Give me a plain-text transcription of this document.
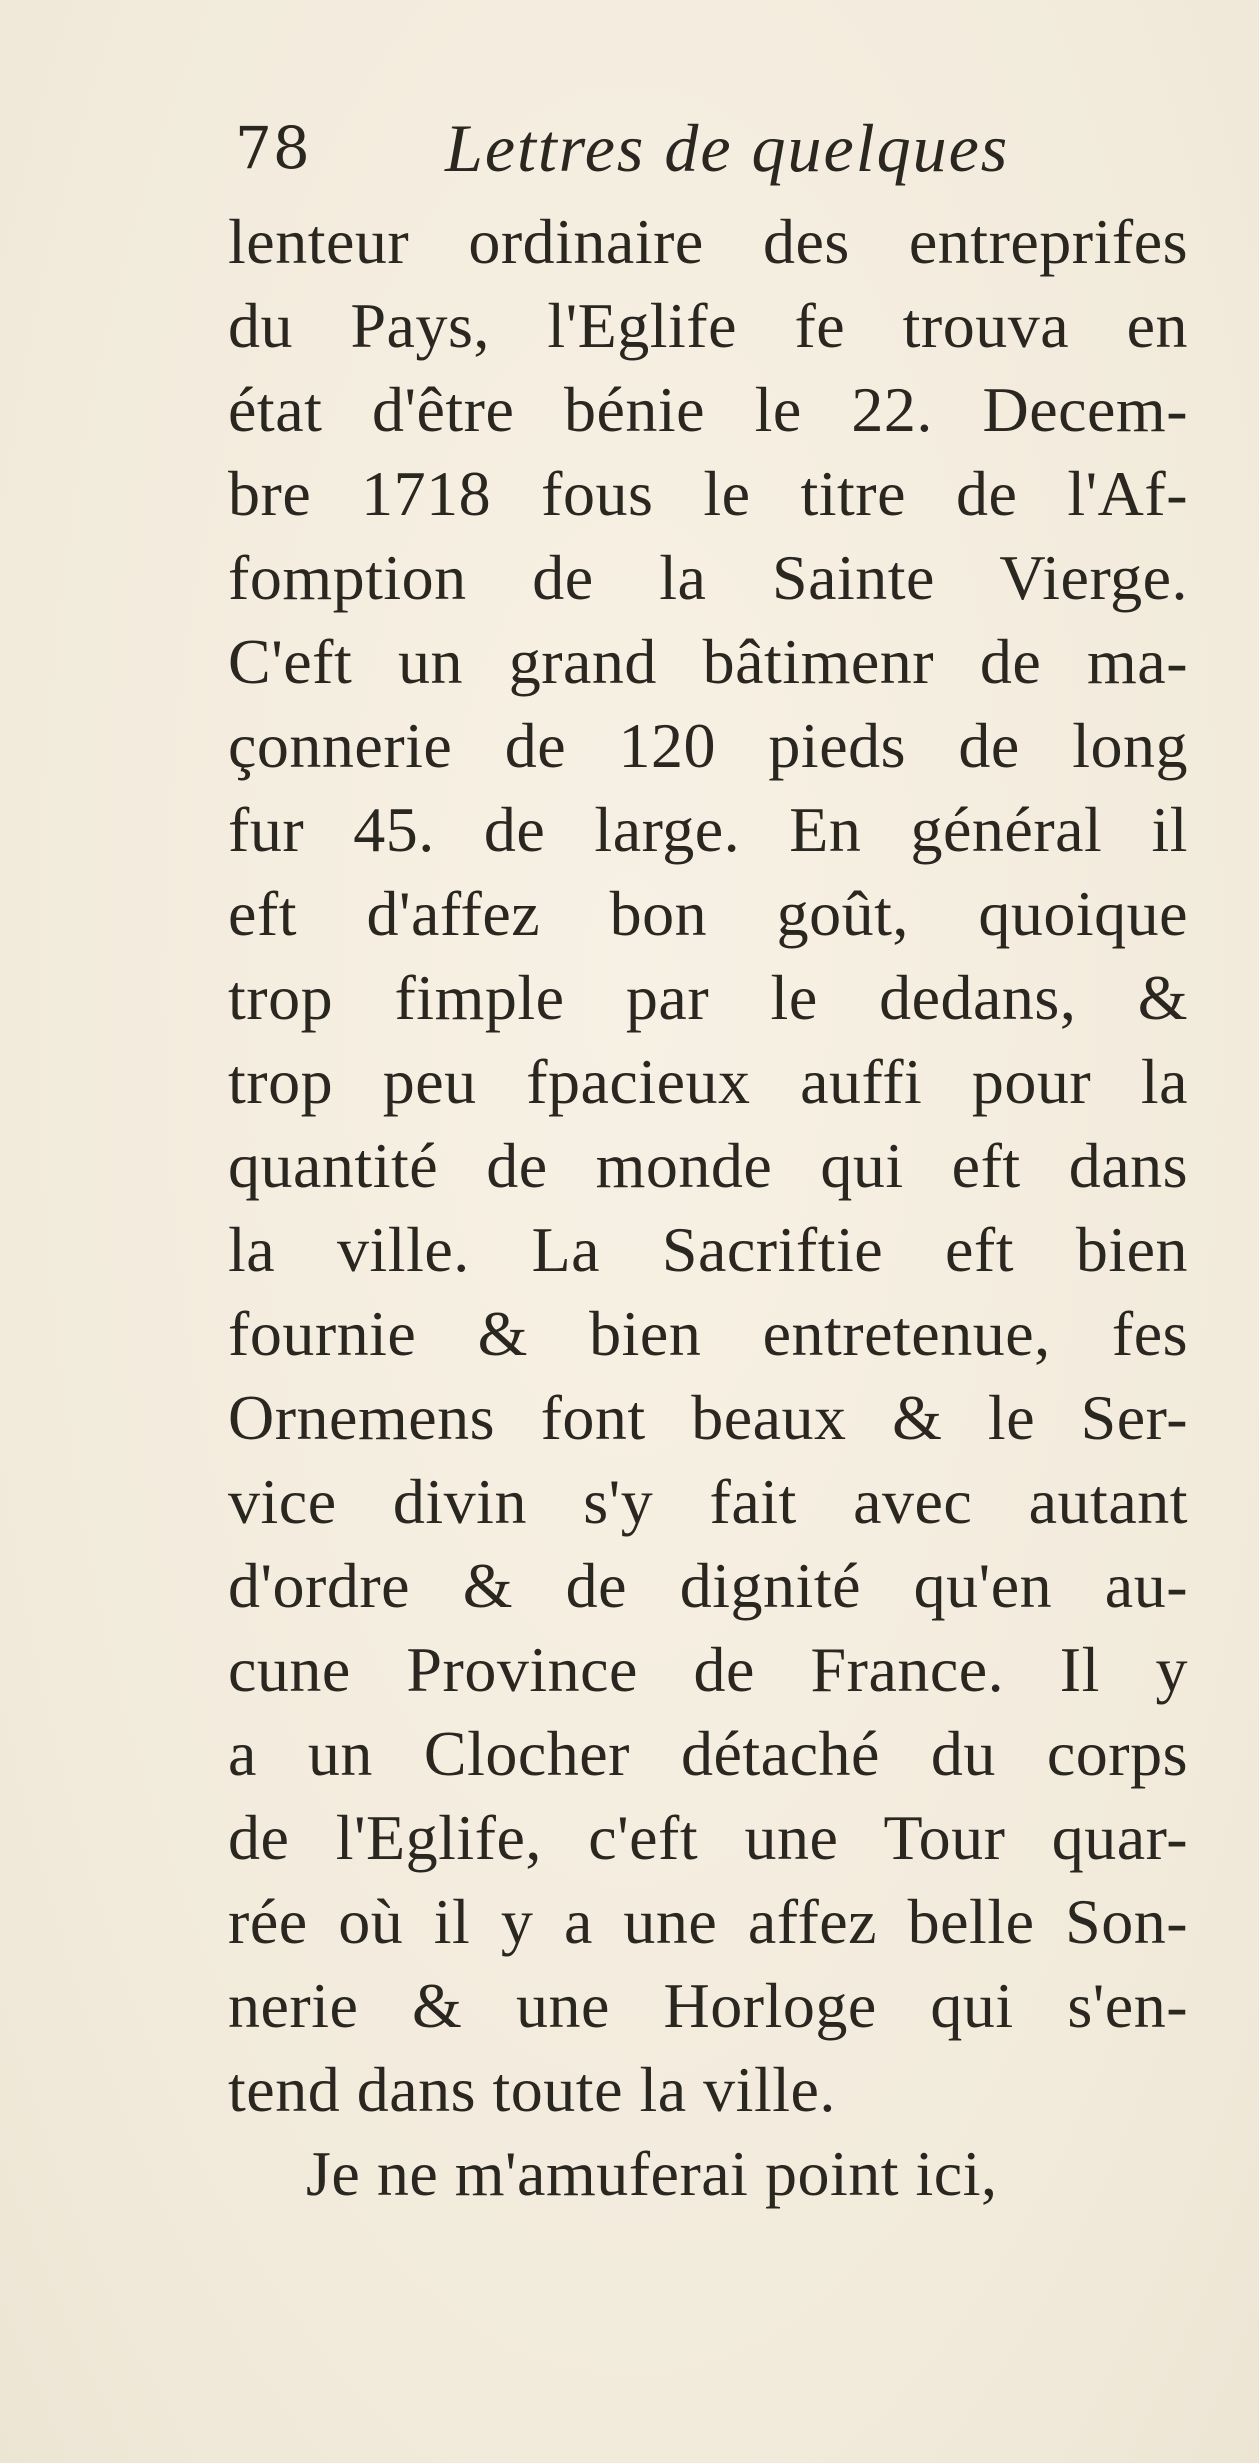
78 Lettres de quelques
lenteur ordinaire des entreprifes
du Pays, l'Eglife fe trouva en
état d'être bénie le 22. Decem-
bre 1718 fous le titre de l'Af-
fomption de la Sainte Vierge.
C'eft un grand bâtimenr de ma-
çonnerie de 120 pieds de long
fur 45. de large. En général il
eft d'affez bon goût, quoique
trop fimple par le dedans, &
trop peu fpacieux auffi pour la
quantité de monde qui eft dans
la ville. La Sacriftie eft bien
fournie & bien entretenue, fes
Ornemens font beaux & le Ser-
vice divin s'y fait avec autant
d'ordre & de dignité qu'en au-
cune Province de France. Il y
a un Clocher détaché du corps
de l'Eglife, c'eft une Tour quar-
rée où il y a une affez belle Son-
nerie & une Horloge qui s'en-
tend dans toute la ville.
Je ne m'amuferai point ici,
